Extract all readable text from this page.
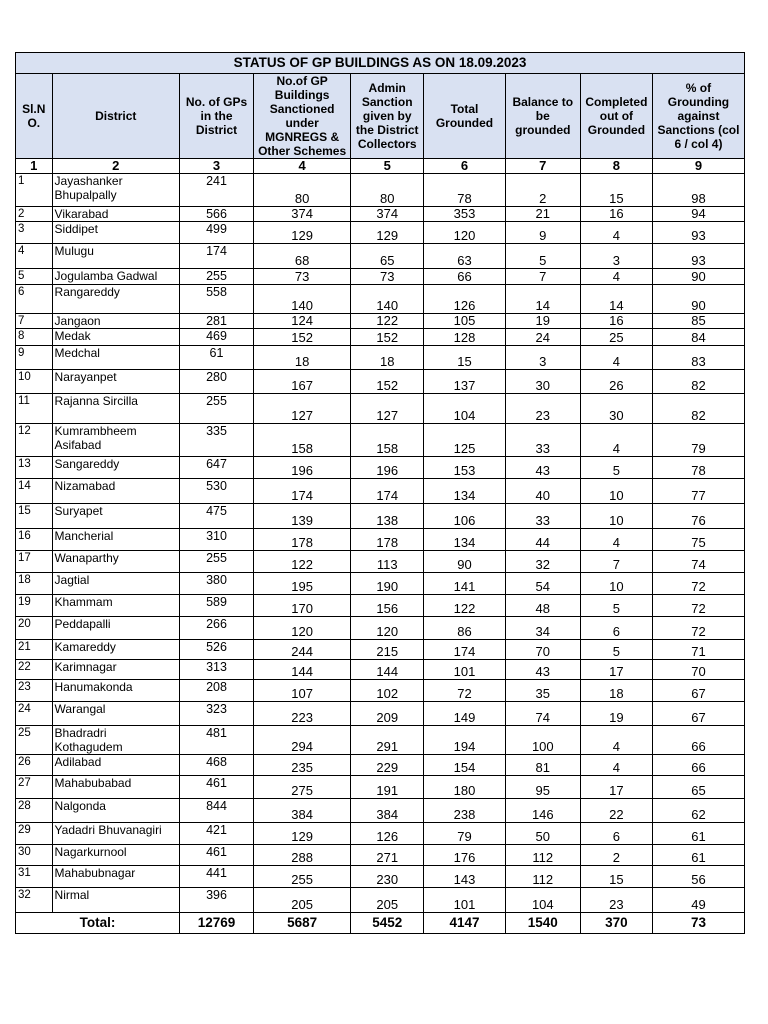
STATUS OF GP BUILDINGS AS ON 18.09.2023								
Sl.N O.	District	No. of GPs in the District	No.of GP Buildings Sanctioned under MGNREGS & Other Schemes	Admin Sanction given by the District Collectors	Total Grounded	Balance to be grounded	Completed out of Grounded	% of Grounding against Sanctions (col 6 / col 4)
1	2	3	4	5	6	7	8	9
1	Jayashanker Bhupalpally	241	80	80	78	2	15	98
2	Vikarabad	566	374	374	353	21	16	94
3	Siddipet	499	129	129	120	9	4	93
4	Mulugu	174	68	65	63	5	3	93
5	Jogulamba Gadwal	255	73	73	66	7	4	90
6	Rangareddy	558	140	140	126	14	14	90
7	Jangaon	281	124	122	105	19	16	85
8	Medak	469	152	152	128	24	25	84
9	Medchal	61	18	18	15	3	4	83
10	Narayanpet	280	167	152	137	30	26	82
11	Rajanna Sircilla	255	127	127	104	23	30	82
12	Kumrambheem Asifabad	335	158	158	125	33	4	79
13	Sangareddy	647	196	196	153	43	5	78
14	Nizamabad	530	174	174	134	40	10	77
15	Suryapet	475	139	138	106	33	10	76
16	Mancherial	310	178	178	134	44	4	75
17	Wanaparthy	255	122	113	90	32	7	74
18	Jagtial	380	195	190	141	54	10	72
19	Khammam	589	170	156	122	48	5	72
20	Peddapalli	266	120	120	86	34	6	72
21	Kamareddy	526	244	215	174	70	5	71
22	Karimnagar	313	144	144	101	43	17	70
23	Hanumakonda	208	107	102	72	35	18	67
24	Warangal	323	223	209	149	74	19	67
25	Bhadradri Kothagudem	481	294	291	194	100	4	66
26	Adilabad	468	235	229	154	81	4	66
27	Mahabubabad	461	275	191	180	95	17	65
28	Nalgonda	844	384	384	238	146	22	62
29	Yadadri Bhuvanagiri	421	129	126	79	50	6	61
30	Nagarkurnool	461	288	271	176	112	2	61
31	Mahabubnagar	441	255	230	143	112	15	56
32	Nirmal	396	205	205	101	104	23	49
Total:		12769	5687	5452	4147	1540	370	73
